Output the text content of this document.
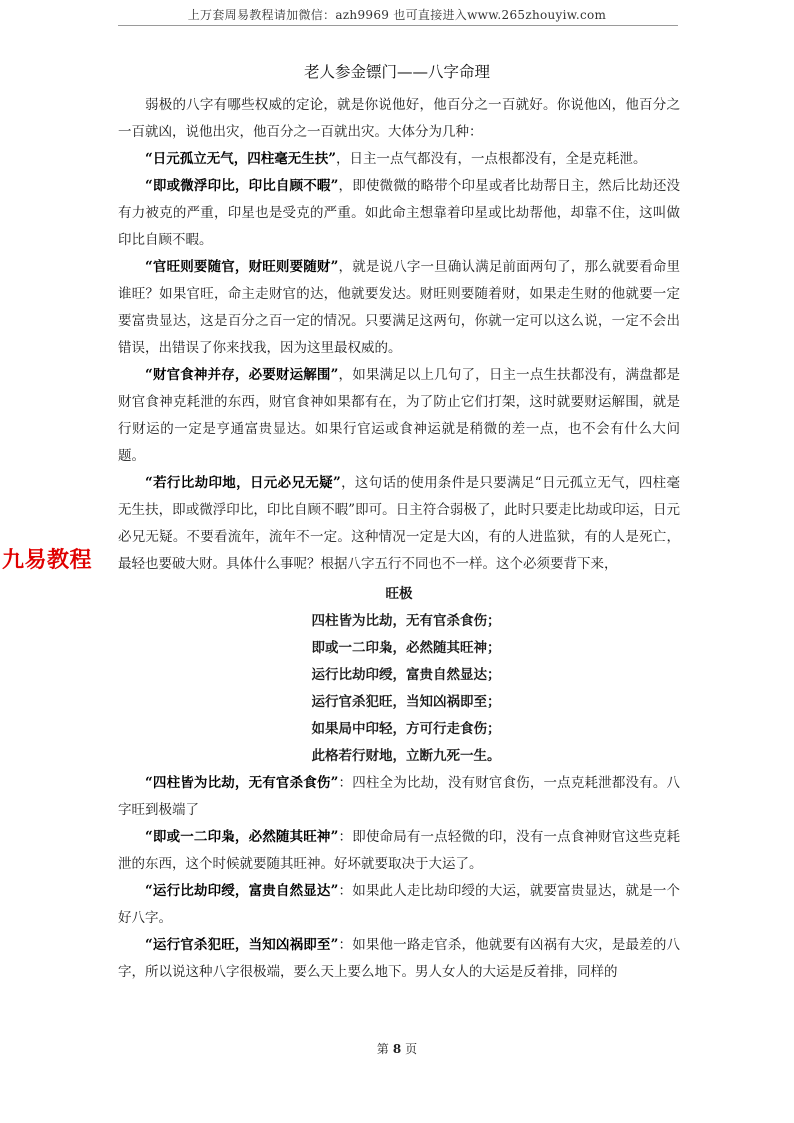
上万套周易教程请加微信：azh9969 也可直接进入www.265zhouyiw.com
老人参金镖门——八字命理

弱极的八字有哪些权威的定论，就是你说他好，他百分之一百就好。你说他凶，他百分之一百就凶，说他出灾，他百分之一百就出灾。大体分为几种：

“日元孤立无气，四柱毫无生扶”，日主一点气都没有，一点根都没有，全是克耗泄。

“即或微浮印比，印比自顾不暇”，即使微微的略带个印星或者比劫帮日主，然后比劫还没有力被克的严重，印星也是受克的严重。如此命主想靠着印星或比劫帮他，却靠不住，这叫做印比自顾不暇。

“官旺则要随官，财旺则要随财”，就是说八字一旦确认满足前面两句了，那么就要看命里谁旺？如果官旺，命主走财官的达，他就要发达。财旺则要随着财，如果走生财的他就要一定要富贵显达，这是百分之百一定的情况。只要满足这两句，你就一定可以这么说，一定不会出错误，出错误了你来找我，因为这里最权威的。

“财官食神并存，必要财运解围”，如果满足以上几句了，日主一点生扶都没有，满盘都是财官食神克耗泄的东西，财官食神如果都有在，为了防止它们打架，这时就要财运解围，就是行财运的一定是亨通富贵显达。如果行官运或食神运就是稍微的差一点，也不会有什么大问题。

“若行比劫印地，日元必兄无疑”，这句话的使用条件是只要满足“日元孤立无气，四柱毫无生扶，即或微浮印比，印比自顾不暇”即可。日主符合弱极了，此时只要走比劫或印运，日元必兄无疑。不要看流年，流年不一定。这种情况一定是大凶，有的人进监狱，有的人是死亡，最轻也要破大财。具体什么事呢？根据八字五行不同也不一样。这个必须要背下来，

旺极

四柱皆为比劫，无有官杀食伤；

即或一二印枭，必然随其旺神；

运行比劫印绶，富贵自然显达；

运行官杀犯旺，当知凶祸即至；

如果局中印轻，方可行走食伤；

此格若行财地，立断九死一生。

“四柱皆为比劫，无有官杀食伤”：四柱全为比劫，没有财官食伤，一点克耗泄都没有。八字旺到极端了

“即或一二印枭，必然随其旺神”：即使命局有一点轻微的印，没有一点食神财官这些克耗泄的东西，这个时候就要随其旺神。好坏就要取决于大运了。

“运行比劫印绶，富贵自然显达”：如果此人走比劫印绶的大运，就要富贵显达，就是一个好八字。

“运行官杀犯旺，当知凶祸即至”：如果他一路走官杀，他就要有凶祸有大灾，是最差的八字，所以说这种八字很极端，要么天上要么地下。男人女人的大运是反着排，同样的

九易教程
第 8 页
